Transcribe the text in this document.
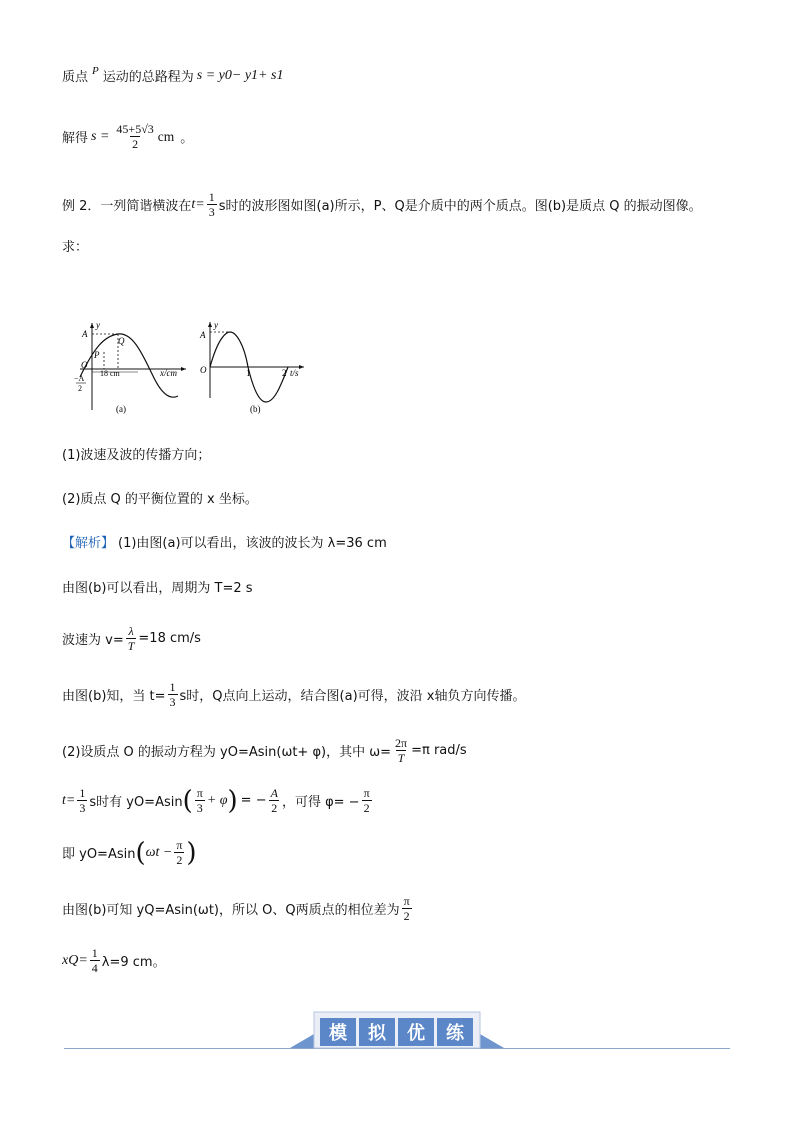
质点 P 运动的总路程为 s = y 0 − y 1 + s 1
解得 $s = \frac{45+5√3}{2}$ cm 。
例 2．一列简谐横波在 $t= \frac{1}{3}$ s时的波形图如图(a)所示，P、Q是介质中的两个质点。图(b)是质点 Q 的振动图像。
求：
y
A
Q
P
O
−A
2
18 cm	x/cm
(a)
y
A
O	1	2 t/s
(b)
(1)波速及波的传播方向；
(2)质点 Q 的平衡位置的 x 坐标。
【解析】 (1)由图(a)可以看出，该波的波长为 λ=36 cm
由图(b)可以看出，周期为 T=2 s
波速为 $v= \frac{\lambda}{T} =18$ cm/s
由图(b)知，当 $t= \frac{1}{3}$ s时，Q点向上运动，结合图(a)可得，波沿 x轴负方向传播。
(2)设质点 O 的振动方程为 yO=Asin(ωt+ φ)，其中 $\omega= \frac{2\pi}{T} =\pi$ rad/s
$t= \frac{1}{3}$ s时有 yO=Asin ( $\frac{\pi}{3} + \varphi$ ) = − $\frac{A}{2}$ ，可得 $\varphi= - \frac{\pi}{2}$
即 yO=Asin ( $\omega t - \frac{\pi}{2}$ )
由图(b)可知 yQ=Asin(ωt)，所以 O、Q两质点的相位差为 $\frac{\pi}{2}$
$xQ= \frac{1}{4} \lambda=9$ cm。
模 拟 优 练
